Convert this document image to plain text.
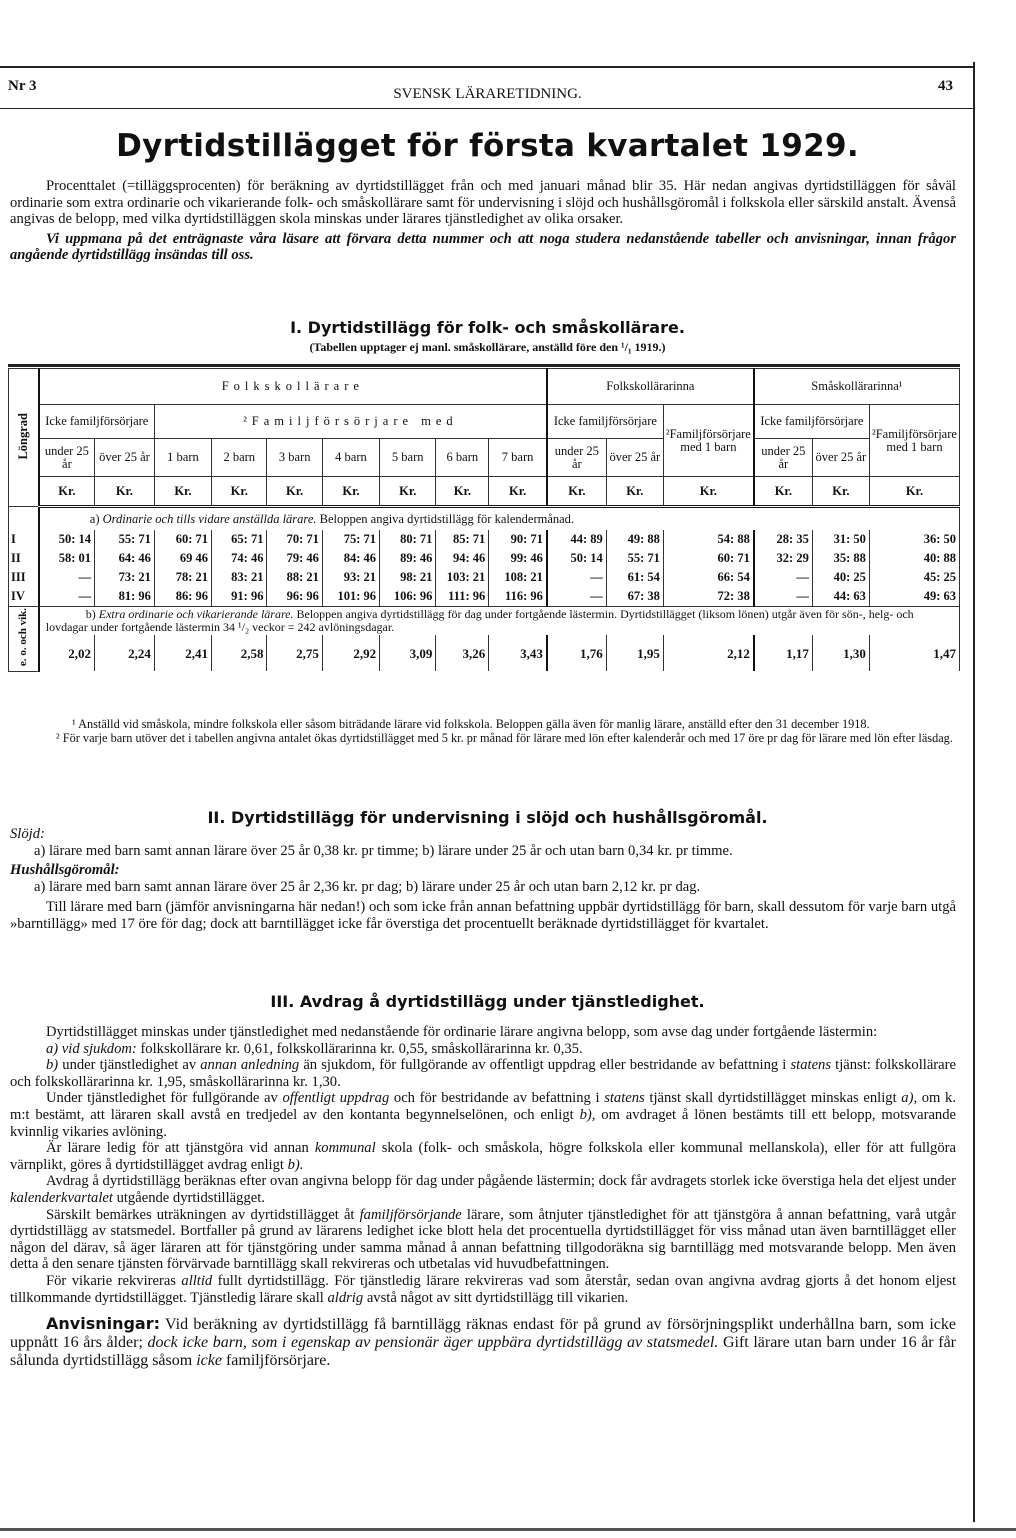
Nr 3	SVENSK LÄRARETIDNING.	43
Dyrtidstillägget för första kvartalet 1929.

Procenttalet (=tilläggsprocenten) för beräkning av dyrtidstillägget från och med januari månad blir 35. Här nedan angivas dyrtidstilläggen för såväl ordinarie som extra ordinarie och vikarierande folk- och småskollärare samt för undervisning i slöjd och hushållsgöromål i folkskola eller särskild anstalt. Ävenså angivas de belopp, med vilka dyrtidstilläggen skola minskas under lärares tjänstledighet av olika orsaker.

Vi uppmana på det enträgnaste våra läsare att förvara detta nummer och att noga studera nedanstående tabeller och anvisningar, innan frågor angående dyrtidstillägg insändas till oss.

I. Dyrtidstillägg för folk- och småskollärare.
(Tabellen upptager ej manl. småskollärare, anställd före den ¹/₁ 1919.)
Löngrad	Folkskollärare									Folkskollärarinna			Småskollärarinna¹		
	Icke familjförsörjare		²Familjförsörjare med							Icke familjförsörjare		²Familjförsörjare med 1 barn	Icke familjförsörjare		²Familjförsörjare med 1 barn
	under 25 år	över 25 år	1 barn	2 barn	3 barn	4 barn	5 barn	6 barn	7 barn	under 25 år	över 25 år		under 25 år	över 25 år	
	Kr.	Kr.	Kr.	Kr.	Kr.	Kr.	Kr.	Kr.	Kr.	Kr.	Kr.	Kr.	Kr.	Kr.	Kr.
	a) Ordinarie och tills vidare anställda lärare. Beloppen angiva dyrtidstillägg för kalendermånad.														
I	50: 14	55: 71	60: 71	65: 71	70: 71	75: 71	80: 71	85: 71	90: 71	44: 89	49: 88	54: 88	28: 35	31: 50	36: 50
II	58: 01	64: 46	69 46	74: 46	79: 46	84: 46	89: 46	94: 46	99: 46	50: 14	55: 71	60: 71	32: 29	35: 88	40: 88
III	—	73: 21	78: 21	83: 21	88: 21	93: 21	98: 21	103: 21	108: 21	—	61: 54	66: 54	—	40: 25	45: 25
IV	—	81: 96	86: 96	91: 96	96: 96	101: 96	106: 96	111: 96	116: 96	—	67: 38	72: 38	—	44: 63	49: 63
e. o. och vik.	b) Extra ordinarie och vikarierande lärare. Beloppen angiva dyrtidstillägg för dag under fortgående lästermin. Dyrtidstillägget (liksom lönen) utgår även för sön-, helg- och lovdagar under fortgående lästermin 34 ¹/₂ veckor = 242 avlöningsdagar.														
	2,02	2,24	2,41	2,58	2,75	2,92	3,09	3,26	3,43	1,76	1,95	2,12	1,17	1,30	1,47

¹ Anställd vid småskola, mindre folkskola eller såsom biträdande lärare vid folkskola. Beloppen gälla även för manlig lärare, anställd efter den 31 december 1918.

² För varje barn utöver det i tabellen angivna antalet ökas dyrtidstillägget med 5 kr. pr månad för lärare med lön efter kalenderår och med 17 öre pr dag för lärare med lön efter läsdag.

II. Dyrtidstillägg för undervisning i slöjd och hushållsgöromål.

Slöjd:

a) lärare med barn samt annan lärare över 25 år 0,38 kr. pr timme; b) lärare under 25 år och utan barn 0,34 kr. pr timme.

Hushållsgöromål:

a) lärare med barn samt annan lärare över 25 år 2,36 kr. pr dag; b) lärare under 25 år och utan barn 2,12 kr. pr dag.

Till lärare med barn (jämför anvisningarna här nedan!) och som icke från annan befattning uppbär dyrtidstillägg för barn, skall dessutom för varje barn utgå »barntillägg» med 17 öre för dag; dock att barntillägget icke får överstiga det procentuellt beräknade dyrtidstillägget för kvartalet.

III. Avdrag å dyrtidstillägg under tjänstledighet.

Dyrtidstillägget minskas under tjänstledighet med nedanstående för ordinarie lärare angivna belopp, som avse dag under fortgående lästermin:

a) vid sjukdom: folkskollärare kr. 0,61, folkskollärarinna kr. 0,55, småskollärarinna kr. 0,35.

b) under tjänstledighet av annan anledning än sjukdom, för fullgörande av offentligt uppdrag eller bestridande av befattning i statens tjänst: folkskollärare och folkskollärarinna kr. 1,95, småskollärarinna kr. 1,30.

Under tjänstledighet för fullgörande av offentligt uppdrag och för bestridande av befattning i statens tjänst skall dyrtidstillägget minskas enligt a), om k. m:t bestämt, att läraren skall avstå en tredjedel av den kontanta begynnelselönen, och enligt b), om avdraget å lönen bestämts till ett belopp, motsvarande kvinnlig vikaries avlöning.

Är lärare ledig för att tjänstgöra vid annan kommunal skola (folk- och småskola, högre folkskola eller kommunal mellanskola), eller för att fullgöra värnplikt, göres å dyrtidstillägget avdrag enligt b).

Avdrag å dyrtidstillägg beräknas efter ovan angivna belopp för dag under pågående lästermin; dock får avdragets storlek icke överstiga hela det eljest under kalenderkvartalet utgående dyrtidstillägget.

Särskilt bemärkes uträkningen av dyrtidstillägget åt familjförsörjande lärare, som åtnjuter tjänstledighet för att tjänstgöra å annan befattning, varå utgår dyrtidstillägg av statsmedel. Bortfaller på grund av lärarens ledighet icke blott hela det procentuella dyrtidstillägget för viss månad utan även barntillägget eller någon del därav, så äger läraren att för tjänstgöring under samma månad å annan befattning tillgodoräkna sig barntillägg med motsvarande belopp. Men även detta å den senare tjänsten förvärvade barntillägg skall rekvireras och utbetalas vid huvudbefattningen.

För vikarie rekvireras alltid fullt dyrtidstillägg. För tjänstledig lärare rekvireras vad som återstår, sedan ovan angivna avdrag gjorts å det honom eljest tillkommande dyrtidstillägget. Tjänstledig lärare skall aldrig avstå något av sitt dyrtidstillägg till vikarien.

Anvisningar: Vid beräkning av dyrtidstillägg få barntillägg räknas endast för på grund av försörjningsplikt underhållna barn, som icke uppnått 16 års ålder; dock icke barn, som i egenskap av pensionär äger uppbära dyrtidstillägg av statsmedel. Gift lärare utan barn under 16 år får sålunda dyrtidstillägg såsom icke familjförsörjare.
